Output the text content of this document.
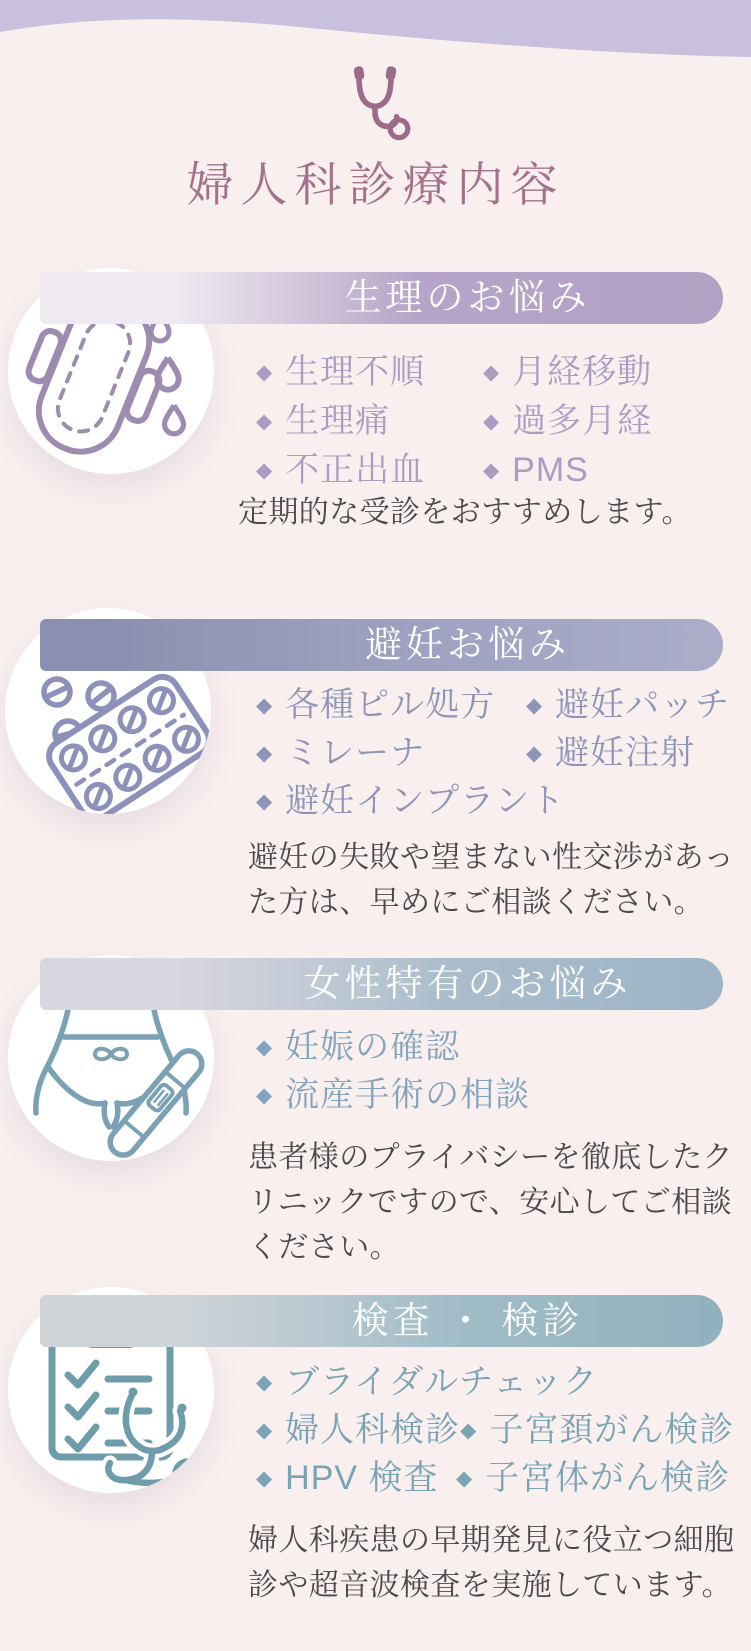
婦人科診療内容
生理のお悩み
◆ 生理不順	◆ 月経移動
◆ 生理痛	◆ 過多月経
◆ 不正出血	◆ PMS
定期的な受診をおすすめします。
避妊お悩み
◆ 各種ピル処方 ◆ 避妊パッチ
◆ ミレーナ	◆ 避妊注射
◆ 避妊インプラント
避妊の失敗や望まない性交渉があっ
た方は、早めにご相談ください。
女性特有のお悩み
◆ 妊娠の確認
◆ 流産手術の相談
患者様のプライバシーを徹底したク
リニックですので、安心してご相談
ください。
検査 ・ 検診
◆ ブライダルチェック
◆ 婦人科検診 ◆ 子宮頚がん検診
◆ HPV 検査 ◆ 子宮体がん検診
婦人科疾患の早期発見に役立つ細胞
診や超音波検査を実施しています。
